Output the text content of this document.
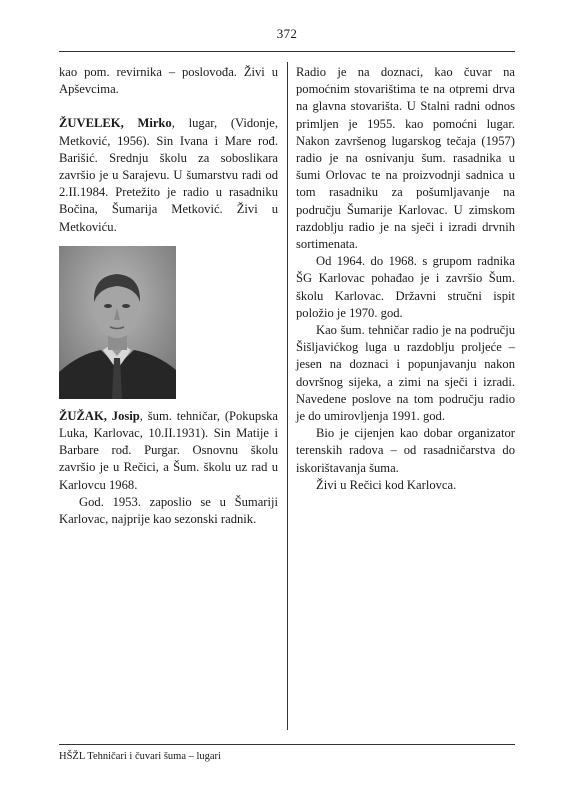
372

kao pom. revirnika – poslovođa. Živi u Apševcima.

ŽUVELEK, Mirko, lugar, (Vidonje, Metković, 1956). Sin Ivana i Mare rođ. Barišić. Srednju školu za soboslikara završio je u Sarajevu. U šumarstvu radi od 2.II.1984. Pretežito je radio u rasadniku Bočina, Šumarija Metković. Živi u Metkoviću.

ŽUŽAK, Josip, šum. tehničar, (Pokupska Luka, Karlovac, 10.II.1931). Sin Matije i Barbare rođ. Purgar. Osnovnu školu završio je u Rečici, a Šum. školu uz rad u Karlovcu 1968.

God. 1953. zaposlio se u Šumariji Karlovac, najprije kao sezonski radnik.

Radio je na doznaci, kao čuvar na pomoćnim stovarištima te na otpremi drva na glavna stovarišta. U Stalni radni odnos primljen je 1955. kao pomoćni lugar. Nakon završenog lugarskog tečaja (1957) radio je na osnivanju šum. rasadnika u šumi Orlovac te na proizvodnji sadnica u tom rasadniku za pošumljavanje na području Šumarije Karlovac. U zimskom razdoblju radio je na sječi i izradi drvnih sortimenata.

Od 1964. do 1968. s grupom radnika ŠG Karlovac pohađao je i završio Šum. školu Karlovac. Državni stručni ispit položio je 1970. god.

Kao šum. tehničar radio je na području Šišljavićkog luga u razdoblju proljeće – jesen na doznaci i popunjavanju nakon dovršnog sijeka, a zimi na sječi i izradi. Navedene poslove na tom području radio je do umirovljenja 1991. god.

Bio je cijenjen kao dobar organizator terenskih radova – od rasadničarstva do iskorištavanja šuma.

Živi u Rečici kod Karlovca.

HŠŽL Tehničari i čuvari šuma – lugari
